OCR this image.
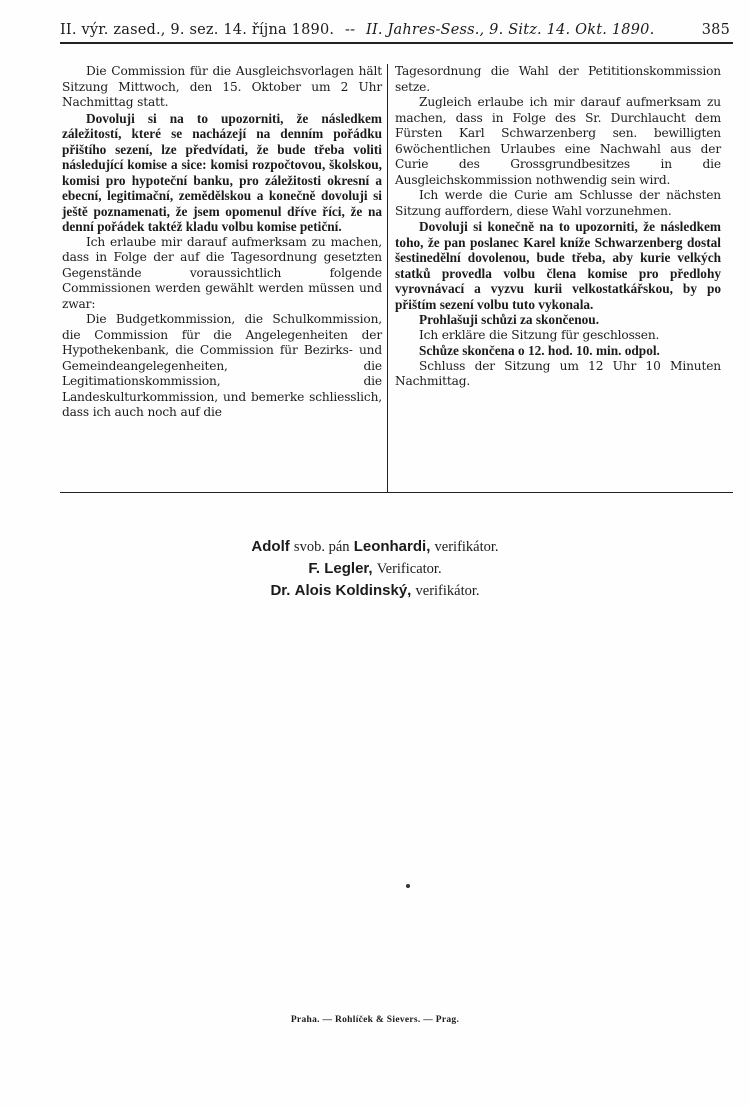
II. výr. zased., 9. sez. 14. října 1890. -- II. Jahres-Sess., 9. Sitz. 14. Okt. 1890.	385

Die Commission für die Ausgleichsvorlagen hält Sitzung Mittwoch, den 15. Oktober um 2 Uhr Nachmittag statt.

Dovoluji si na to upozorniti, že následkem záležitostí, které se nacházejí na denním pořádku přištího sezení, lze předvídati, že bude třeba voliti následující komise a sice: komisi rozpočtovou, školskou, komisi pro hypoteční banku, pro záležitosti okresní a ebecní, legitimační, zemědělskou a konečně dovoluji si ještě poznamenati, že jsem opomenul dříve říci, že na denní pořádek taktéž kladu volbu komise petiční.

Ich erlaube mir darauf aufmerksam zu machen, dass in Folge der auf die Tagesordnung gesetzten Gegenstände voraussichtlich folgende Commissionen werden gewählt werden müssen und zwar:

Die Budgetkommission, die Schulkommission, die Commission für die Angelegenheiten der Hypothekenbank, die Commission für Bezirks- und Gemeindeangelegenheiten, die Legitimationskommission, die Landeskulturkommission, und bemerke schliesslich, dass ich auch noch auf die

Tagesordnung die Wahl der Petititionskommission setze.

Zugleich erlaube ich mir darauf aufmerksam zu machen, dass in Folge des Sr. Durchlaucht dem Fürsten Karl Schwarzenberg sen. bewilligten 6wöchentlichen Urlaubes eine Nachwahl aus der Curie des Grossgrundbesitzes in die Ausgleichskommission nothwendig sein wird.

Ich werde die Curie am Schlusse der nächsten Sitzung auffordern, diese Wahl vorzunehmen.

Dovoluji si konečně na to upozorniti, že následkem toho, že pan poslanec Karel kníže Schwarzenberg dostal šestinedělní dovolenou, bude třeba, aby kurie velkých statků provedla volbu člena komise pro předlohy vyrovnávací a vyzvu kurii velkostatkářskou, by po přištím sezení volbu tuto vykonala.

Prohlašuji schůzi za skončenou.

Ich erkläre die Sitzung für geschlossen.

Schůze skončena o 12. hod. 10. min. odpol.

Schluss der Sitzung um 12 Uhr 10 Minuten Nachmittag.

Adolf svob. pán Leonhardi, verifikátor.
F. Legler, Verificator.
Dr. Alois Koldinský, verifikátor.
Praha. — Rohlíček & Sievers. — Prag.
